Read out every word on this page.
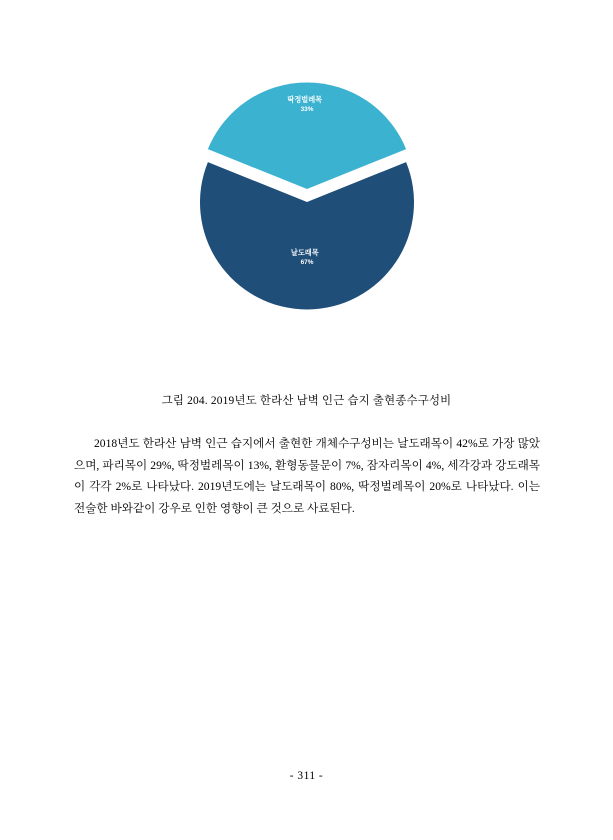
날도래목 67%
딱정벌레목 33%
그림 204. 2019년도 한라산 남벽 인근 습지 출현종수구성비
2018년도 한라산 남벽 인근 습지에서 출현한 개체수구성비는 날도래목이 42%로 가장 많았으며, 파리목이 29%, 딱정벌레목이 13%, 환형동물문이 7%, 잠자리목이 4%, 세각강과 강도래목이 각각 2%로 나타났다. 2019년도에는 날도래목이 80%, 딱정벌레목이 20%로 나타났다. 이는 전술한 바와같이 강우로 인한 영향이 큰 것으로 사료된다.
- 311 -
